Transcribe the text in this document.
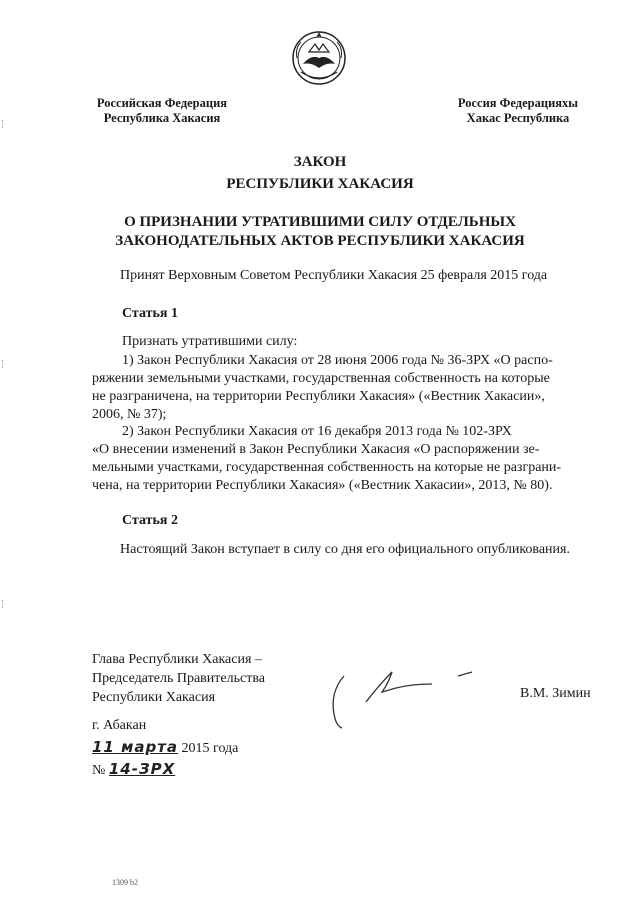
Российская Федерация
Республика Хакасия
Россия Федерацияхы
Хакас Республика
ЗАКОН
РЕСПУБЛИКИ ХАКАСИЯ
О ПРИЗНАНИИ УТРАТИВШИМИ СИЛУ ОТДЕЛЬНЫХ
ЗАКОНОДАТЕЛЬНЫХ АКТОВ РЕСПУБЛИКИ ХАКАСИЯ
Принят Верховным Советом Республики Хакасия 25 февраля 2015 года
Статья 1
Признать утратившими силу:
1) Закон Республики Хакасия от 28 июня 2006 года № 36-ЗРХ «О распо-
ряжении земельными участками, государственная собственность на которые
не разграничена, на территории Республики Хакасия» («Вестник Хакасии»,
2006, № 37);
2) Закон Республики Хакасия от 16 декабря 2013 года № 102-ЗРХ
«О внесении изменений в Закон Республики Хакасия «О распоряжении зе-
мельными участками, государственная собственность на которые не разграни-
чена, на территории Республики Хакасия» («Вестник Хакасии», 2013, № 80).
Статья 2
Настоящий Закон вступает в силу со дня его официального опубликования.
Глава Республики Хакасия –
Председатель Правительства
Республики Хакасия	В.М. Зимин
г. Абакан
11 марта 2015 года
№ 14-ЗРХ
1309 b2
